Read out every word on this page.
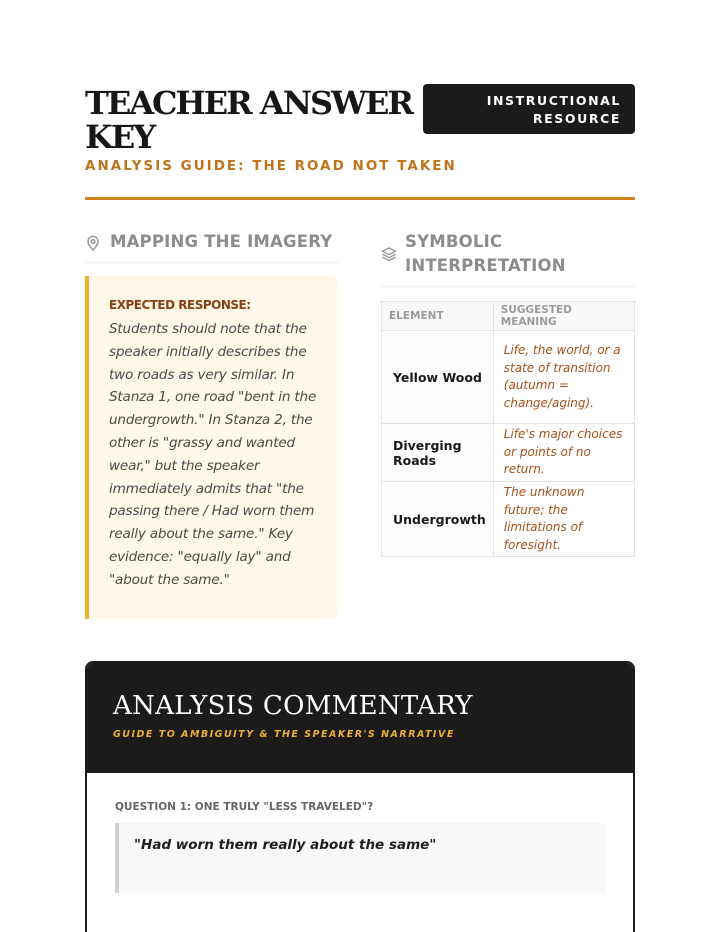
TEACHER ANSWER KEY
INSTRUCTIONAL
RESOURCE
ANALYSIS GUIDE: THE ROAD NOT TAKEN
MAPPING THE IMAGERY
EXPECTED RESPONSE:
Students should note that the speaker initially describes the two roads as very similar. In Stanza 1, one road "bent in the undergrowth." In Stanza 2, the other is "grassy and wanted wear," but the speaker immediately admits that "the passing there / Had worn them really about the same." Key evidence: "equally lay" and "about the same."
SYMBOLIC
INTERPRETATION
ELEMENT	SUGGESTED MEANING
Yellow Wood	Life, the world, or a state of transition (autumn = change/aging).
Diverging Roads	Life's major choices or points of no return.
Undergrowth	The unknown future; the limitations of foresight.
ANALYSIS COMMENTARY
GUIDE TO AMBIGUITY & THE SPEAKER'S NARRATIVE
QUESTION 1: ONE TRULY "LESS TRAVELED"?
"Had worn them really about the same"
